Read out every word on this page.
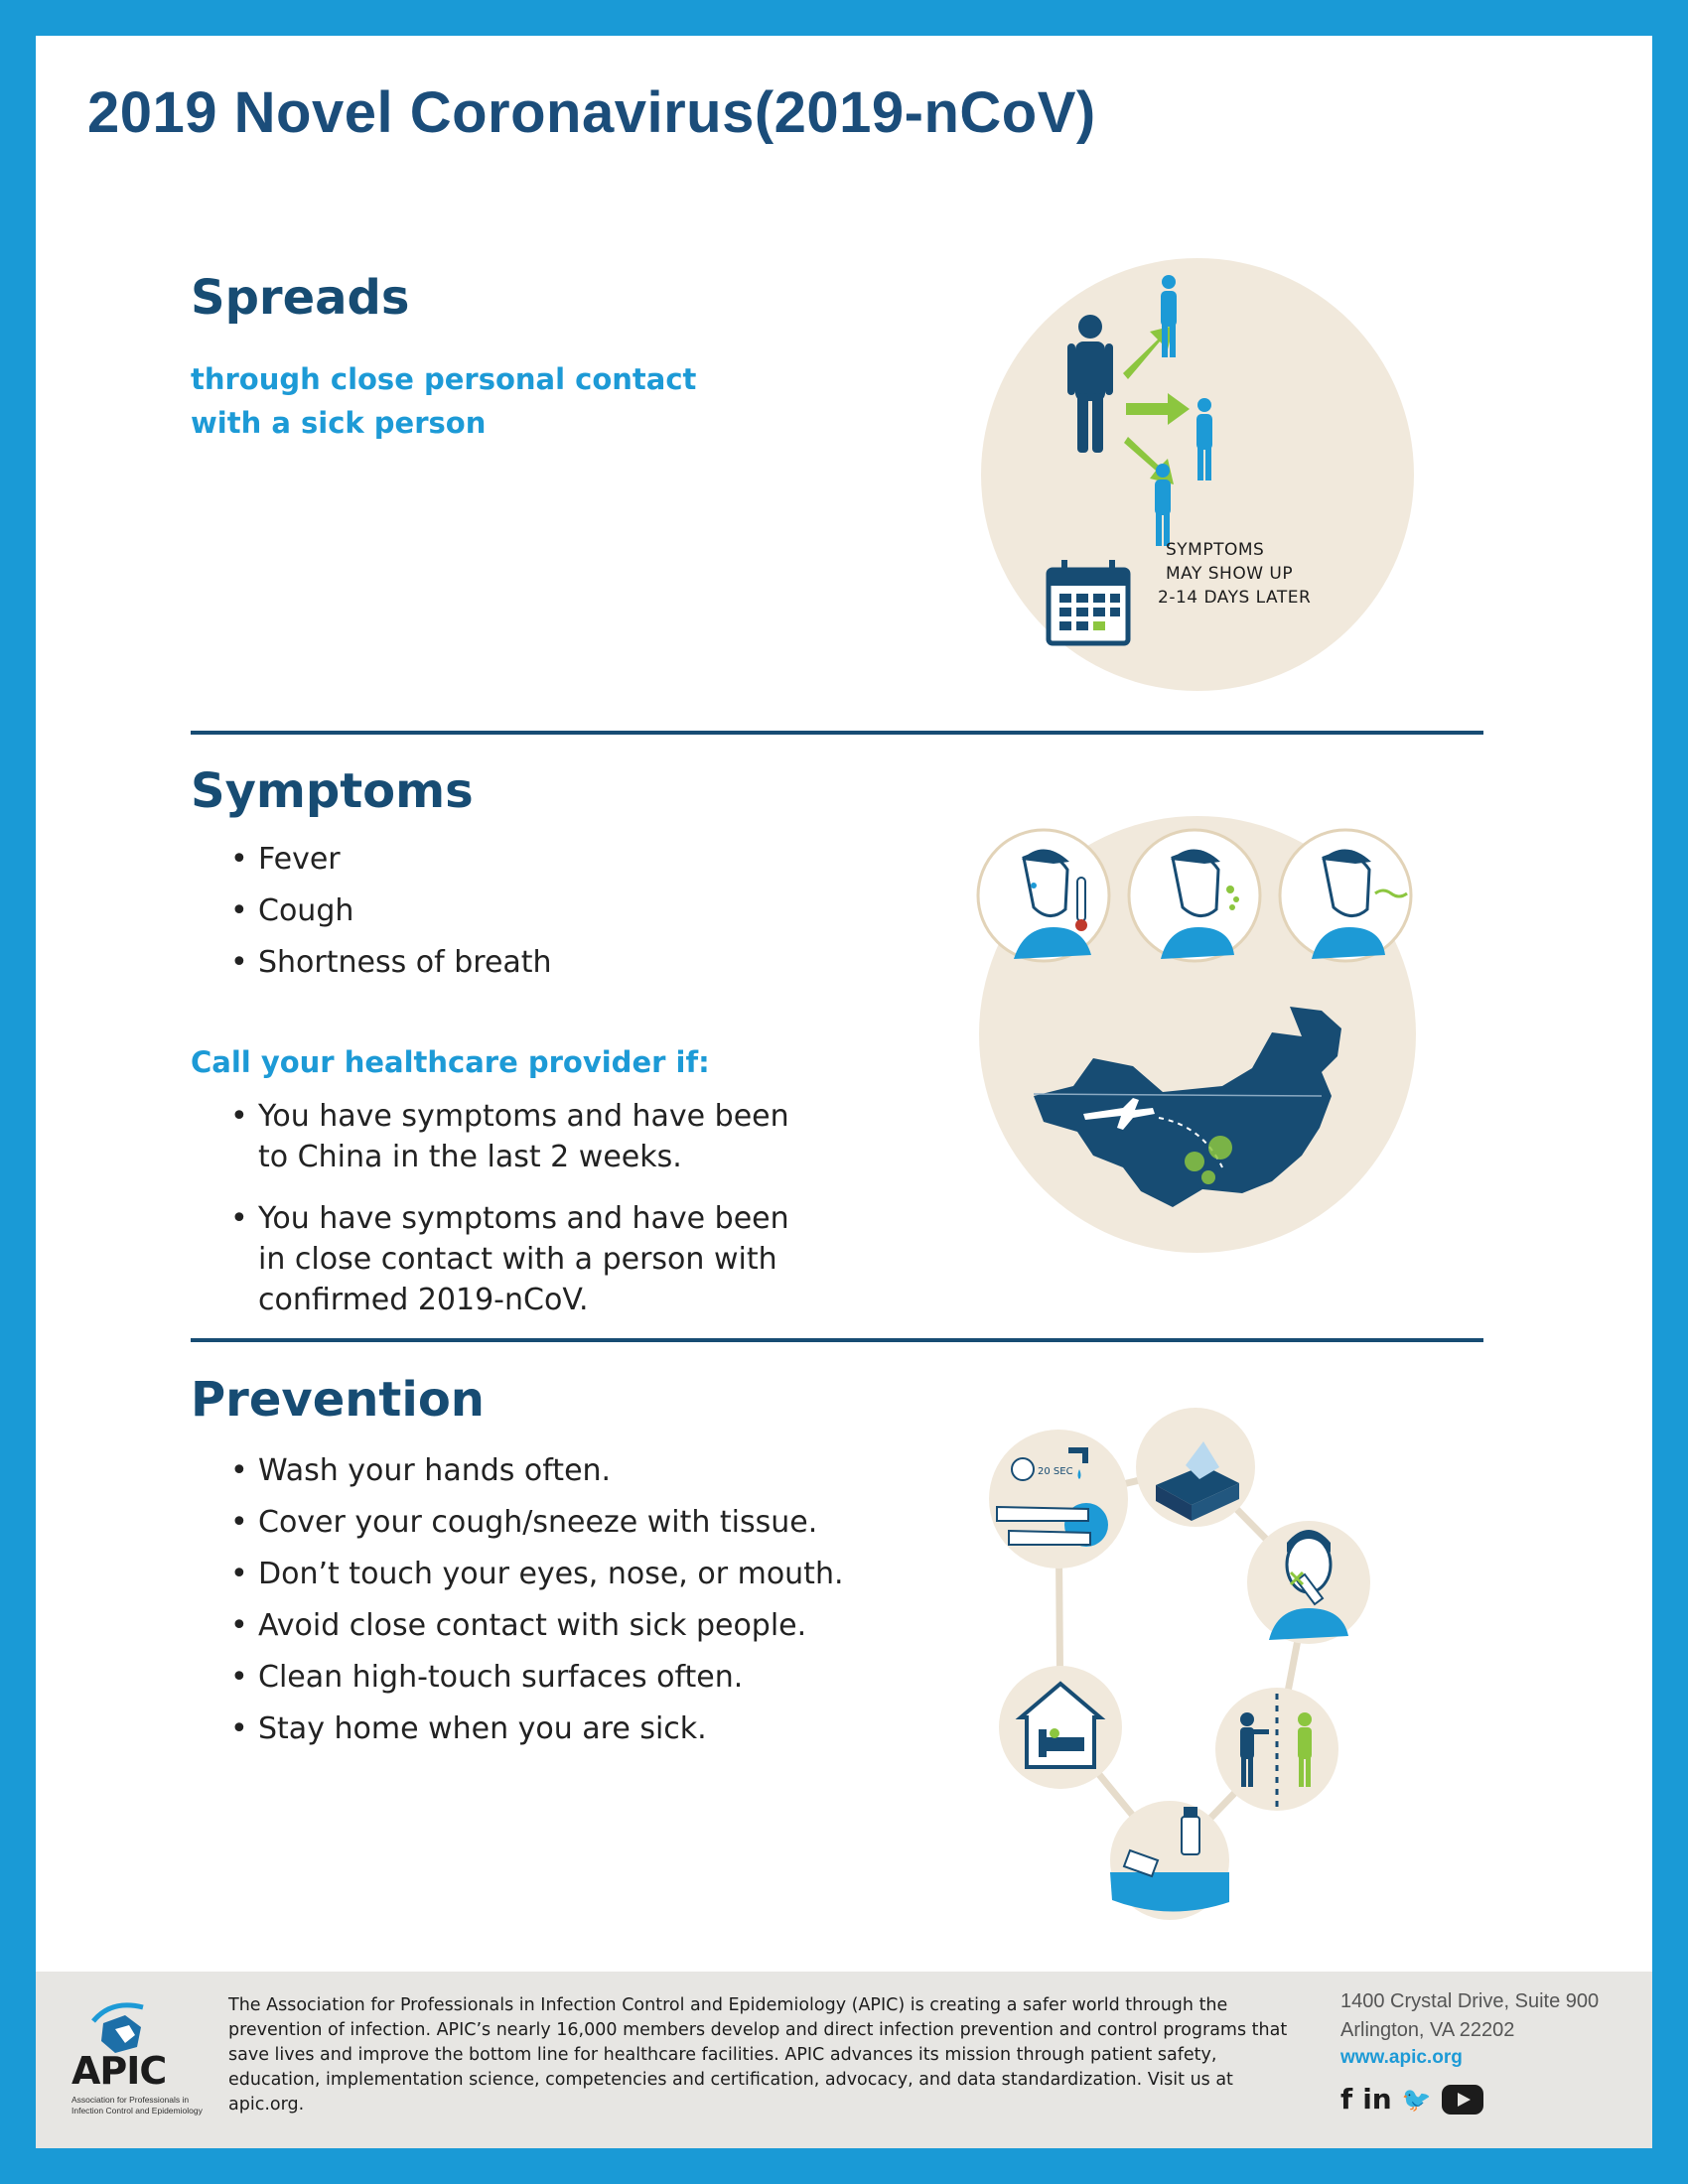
2019 Novel Coronavirus(2019-nCoV)
Spreads
through close personal contact
with a sick person
SYMPTOMS
MAY SHOW UP
2-14 DAYS LATER
Symptoms
• Fever
• Cough
• Shortness of breath
Call your healthcare provider if:
• You have symptoms and have been
to China in the last 2 weeks.
• You have symptoms and have been
in close contact with a person with
confirmed 2019-nCoV.
Prevention
• Wash your hands often.
• Cover your cough/sneeze with tissue.
• Don’t touch your eyes, nose, or mouth.
• Avoid close contact with sick people.
• Clean high-touch surfaces often.
• Stay home when you are sick.
20 SEC
APIC
Association for Professionals in Infection Control and Epidemiology
The Association for Professionals in Infection Control and Epidemiology (APIC) is creating a safer world through the prevention of infection. APIC’s nearly 16,000 members develop and direct infection prevention and control programs that save lives and improve the bottom line for healthcare facilities. APIC advances its mission through patient safety, education, implementation science, competencies and certification, advocacy, and data standardization. Visit us at apic.org.
1400 Crystal Drive, Suite 900
Arlington, VA 22202
www.apic.org
f in 🐦
